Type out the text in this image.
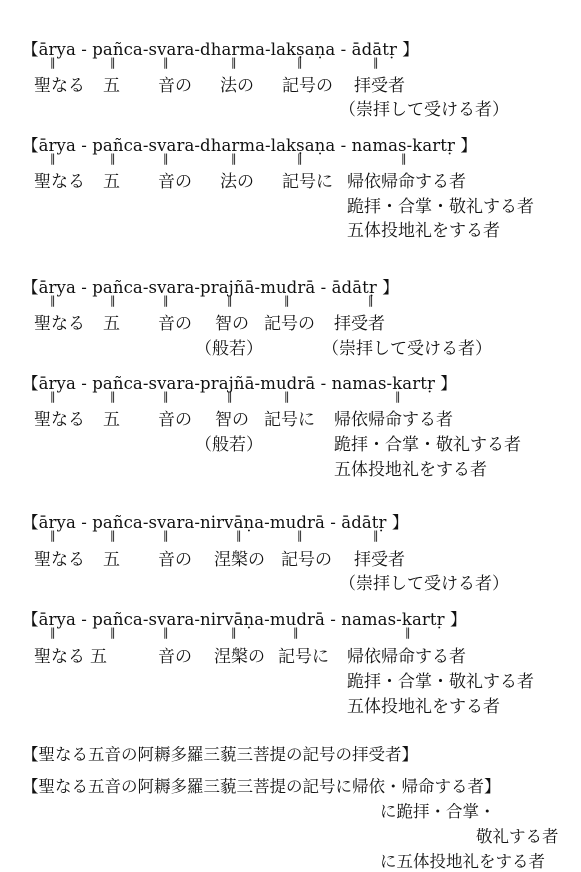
【ārya - pañca-svara-dharma-lakṣaṇa - ādātṛ 】
‖	‖	‖	‖	‖	‖
聖なる 五 音の 法の 記号の 拝受者
（崇拝して受ける者）
【ārya - pañca-svara-dharma-lakṣaṇa - namas-kartṛ 】
‖	‖	‖	‖	‖	‖
聖なる 五 音の 法の 記号に 帰依帰命する者
跪拝・合掌・敬礼する者
五体投地礼をする者
【ārya - pañca-svara-prajñā-mudrā - ādātṛ 】
‖	‖	‖	‖	‖	‖
聖なる 五 音の 智の 記号の 拝受者
（般若）	（崇拝して受ける者）
【ārya - pañca-svara-prajñā-mudrā - namas-kartṛ 】
‖	‖	‖	‖	‖	‖
聖なる 五 音の 智の 記号に 帰依帰命する者
（般若）	跪拝・合掌・敬礼する者
五体投地礼をする者
【ārya - pañca-svara-nirvāṇa-mudrā - ādātṛ 】
‖	‖	‖	‖	‖	‖
聖なる 五 音の 涅槃の 記号の 拝受者
（崇拝して受ける者）
【ārya - pañca-svara-nirvāṇa-mudrā - namas-kartṛ 】
‖	‖	‖	‖	‖	‖
聖なる 五	音の 涅槃の 記号に 帰依帰命する者
跪拝・合掌・敬礼する者
五体投地礼をする者
【聖なる五音の阿耨多羅三藐三菩提の記号の拝受者】
【聖なる五音の阿耨多羅三藐三菩提の記号に帰依・帰命する者】
に跪拝・合掌・
敬礼する者
に五体投地礼をする者
